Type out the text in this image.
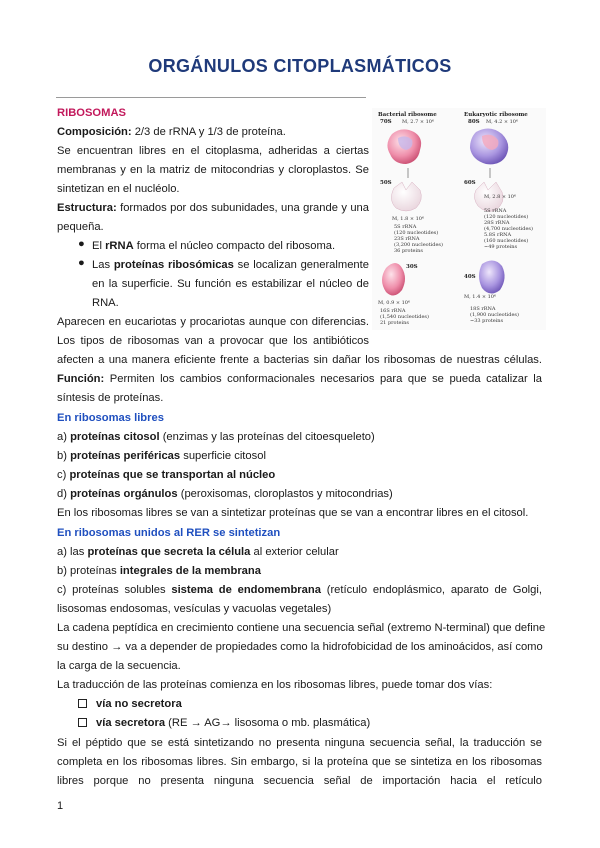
ORGÁNULOS CITOPLASMÁTICOS
RIBOSOMAS
Composición: 2/3 de rRNA y 1/3 de proteína.
Se encuentran libres en el citoplasma, adheridas a ciertas
membranas y en la matriz de mitocondrias y cloroplastos. Se
sintetizan en el nucléolo.
Estructura: formados por dos subunidades, una grande y una
pequeña.
● El rRNA forma el núcleo compacto del ribosoma.
● Las proteínas ribosómicas se localizan generalmente
en la superficie. Su función es estabilizar el núcleo de
RNA.
Aparecen en eucariotas y procariotas aunque con diferencias.
Los tipos de ribosomas van a provocar que los antibióticos
afecten a una manera eficiente frente a bacterias sin dañar los ribosomas de nuestras células.
Función: Permiten los cambios conformacionales necesarios para que se pueda catalizar la
síntesis de proteínas.
En ribosomas libres
a) proteínas citosol (enzimas y las proteínas del citoesqueleto)
b) proteínas periféricas superficie citosol
c) proteínas que se transportan al núcleo
d) proteínas orgánulos (peroxisomas, cloroplastos y mitocondrias)
En los ribosomas libres se van a sintetizar proteínas que se van a encontrar libres en el citosol.
En ribosomas unidos al RER se sintetizan
a) las proteínas que secreta la célula al exterior celular
b) proteínas integrales de la membrana
c) proteínas solubles sistema de endomembrana (retículo endoplásmico, aparato de Golgi,
lisosomas endosomas, vesículas y vacuolas vegetales)
La cadena peptídica en crecimiento contiene una secuencia señal (extremo N-terminal) que define
su destino → va a depender de propiedades como la hidrofobicidad de los aminoácidos, así como
la carga de la secuencia.
La traducción de las proteínas comienza en los ribosomas libres, puede tomar dos vías:
vía no secretora
vía secretora (RE → AG→ lisosoma o mb. plasmática)
Si el péptido que se está sintetizando no presenta ninguna secuencia señal, la traducción se
completa en los ribosomas libres. Sin embargo, si la proteína que se sintetiza en los ribosomas
libres porque no presenta ninguna secuencia señal de importación hacia el retículo
1
Bacterial ribosome
70S M, 2.7 × 10⁶
Eukaryotic ribosome
80S M, 4.2 × 10⁶
50S
M, 1.8 × 10⁶
5S rRNA
(120 nucleotides)
23S rRNA
(3,200 nucleotides)
36 proteins
60S
M, 2.8 × 10⁶
5S rRNA
(120 nucleotides)
28S rRNA
(4,700 nucleotides)
5.8S rRNA
(160 nucleotides)
~49 proteins
30S
M, 0.9 × 10⁶
16S rRNA
(1,540 nucleotides)
21 proteins
40S
M, 1.4 × 10⁶
18S rRNA
(1,900 nucleotides)
~33 proteins
